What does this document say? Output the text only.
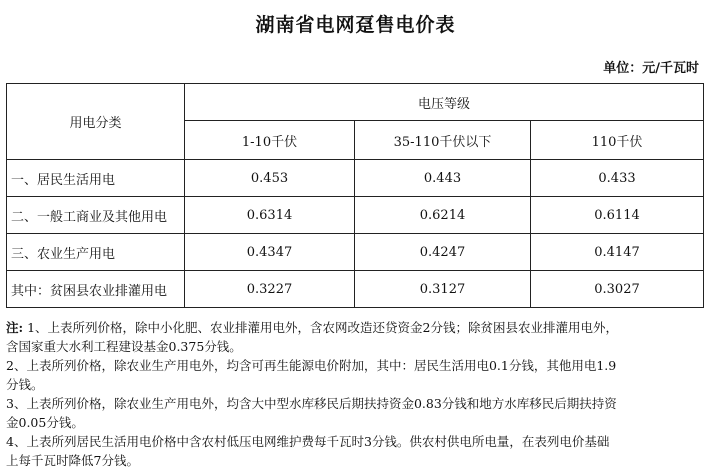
湖南省电网趸售电价表
单位：元/千瓦时
用电分类	电压等级		
	1-10千伏	35-110千伏以下	110千伏
一、居民生活用电	0.453	0.443	0.433
二、一般工商业及其他用电	0.6314	0.6214	0.6114
三、农业生产用电	0.4347	0.4247	0.4147
其中：贫困县农业排灌用电	0.3227	0.3127	0.3027
注: 1、上表所列价格，除中小化肥、农业排灌用电外，含农网改造还贷资金2分钱；除贫困县农业排灌用电外，
含国家重大水利工程建设基金0.375分钱。
2、上表所列价格，除农业生产用电外，均含可再生能源电价附加，其中：居民生活用电0.1分钱，其他用电1.9
分钱。
3、上表所列价格，除农业生产用电外，均含大中型水库移民后期扶持资金0.83分钱和地方水库移民后期扶持资
金0.05分钱。
4、上表所列居民生活用电价格中含农村低压电网维护费每千瓦时3分钱。供农村供电所电量，在表列电价基础
上每千瓦时降低7分钱。
